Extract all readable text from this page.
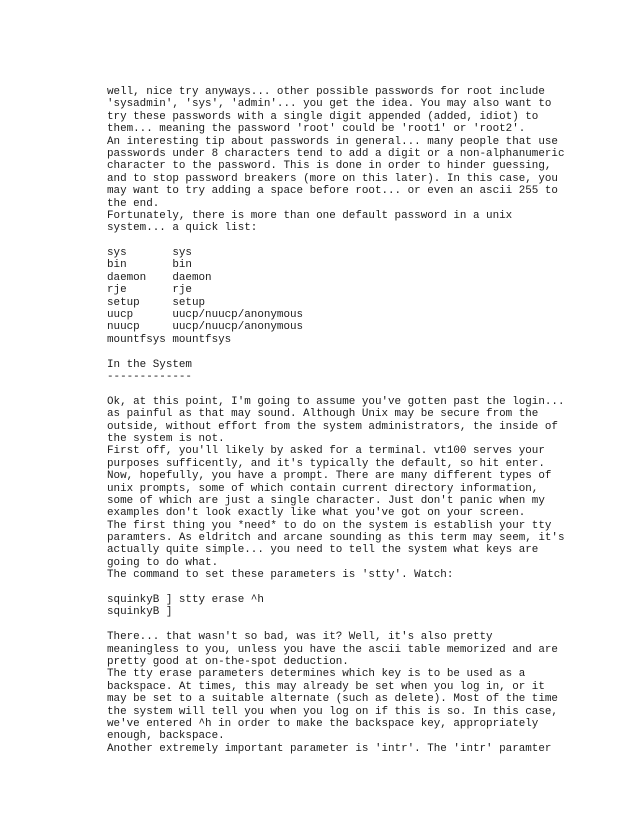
well, nice try anyways... other possible passwords for root include
'sysadmin', 'sys', 'admin'... you get the idea. You may also want to
try these passwords with a single digit appended (added, idiot) to
them... meaning the password 'root' could be 'root1' or 'root2'.
An interesting tip about passwords in general... many people that use
passwords under 8 characters tend to add a digit or a non-alphanumeric
character to the password. This is done in order to hinder guessing,
and to stop password breakers (more on this later). In this case, you
may want to try adding a space before root... or even an ascii 255 to
the end.
Fortunately, there is more than one default password in a unix
system... a quick list:
sys       sys
bin       bin
daemon    daemon
rje       rje
setup     setup
uucp      uucp/nuucp/anonymous
nuucp     uucp/nuucp/anonymous
mountfsys mountfsys
In the System
-------------
Ok, at this point, I'm going to assume you've gotten past the login...
as painful as that may sound. Although Unix may be secure from the
outside, without effort from the system administrators, the inside of
the system is not.
First off, you'll likely by asked for a terminal. vt100 serves your
purposes sufficently, and it's typically the default, so hit enter.
Now, hopefully, you have a prompt. There are many different types of
unix prompts, some of which contain current directory information,
some of which are just a single character. Just don't panic when my
examples don't look exactly like what you've got on your screen.
The first thing you *need* to do on the system is establish your tty
paramters. As eldritch and arcane sounding as this term may seem, it's
actually quite simple... you need to tell the system what keys are
going to do what.
The command to set these parameters is 'stty'. Watch:
squinkyB ] stty erase ^h
squinkyB ]
There... that wasn't so bad, was it? Well, it's also pretty
meaningless to you, unless you have the ascii table memorized and are
pretty good at on-the-spot deduction.
The tty erase parameters determines which key is to be used as a
backspace. At times, this may already be set when you log in, or it
may be set to a suitable alternate (such as delete). Most of the time
the system will tell you when you log on if this is so. In this case,
we've entered ^h in order to make the backspace key, appropriately
enough, backspace.
Another extremely important parameter is 'intr'. The 'intr' paramter
